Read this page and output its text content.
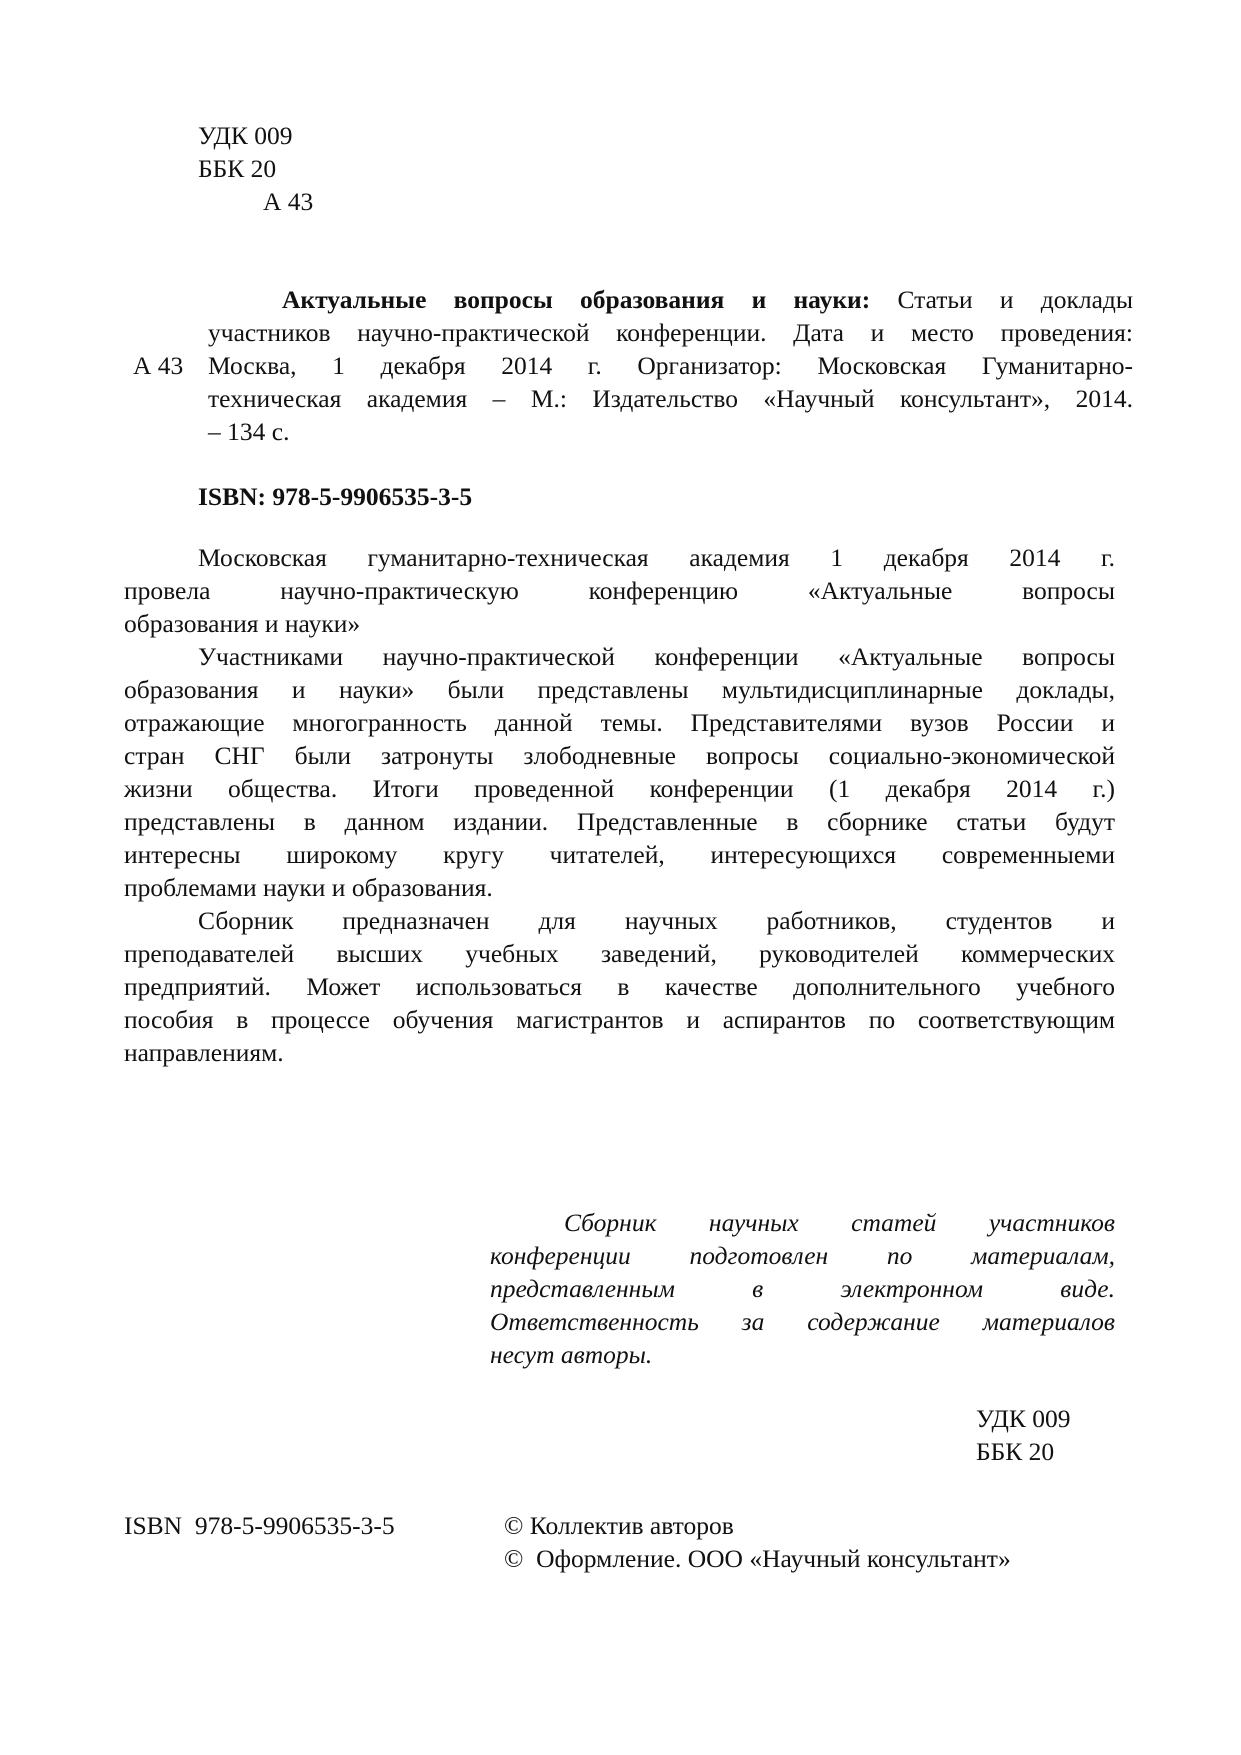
УДК 009
ББК 20
А 43
А 43
Актуальные вопросы образования и науки: Статьи и доклады
участников научно-практической конференции. Дата и место проведения:
Москва, 1 декабря 2014 г. Организатор: Московская Гуманитарно-
техническая академия – М.: Издательство «Научный консультант», 2014.
– 134 с.
ISBN: 978-5-9906535-3-5
Московская гуманитарно-техническая академия 1 декабря 2014 г.
провела научно-практическую конференцию «Актуальные вопросы
образования и науки»
Участниками научно-практической конференции «Актуальные вопросы
образования и науки» были представлены мультидисциплинарные доклады,
отражающие многогранность данной темы. Представителями вузов России и
стран СНГ были затронуты злободневные вопросы социально-экономической
жизни общества. Итоги проведенной конференции (1 декабря 2014 г.)
представлены в данном издании. Представленные в сборнике статьи будут
интересны широкому кругу читателей, интересующихся современныеми
проблемами науки и образования.
Сборник предназначен для научных работников, студентов и
преподавателей высших учебных заведений, руководителей коммерческих
предприятий. Может использоваться в качестве дополнительного учебного
пособия в процессе обучения магистрантов и аспирантов по соответствующим
направлениям.
Сборник научных статей участников
конференции подготовлен по материалам,
представленным в электронном виде.
Ответственность за содержание материалов
несут авторы.
УДК 009
ББК 20
ISBN  978-5-9906535-3-5	© Коллектив авторов
©  Оформление. ООО «Научный консультант»
